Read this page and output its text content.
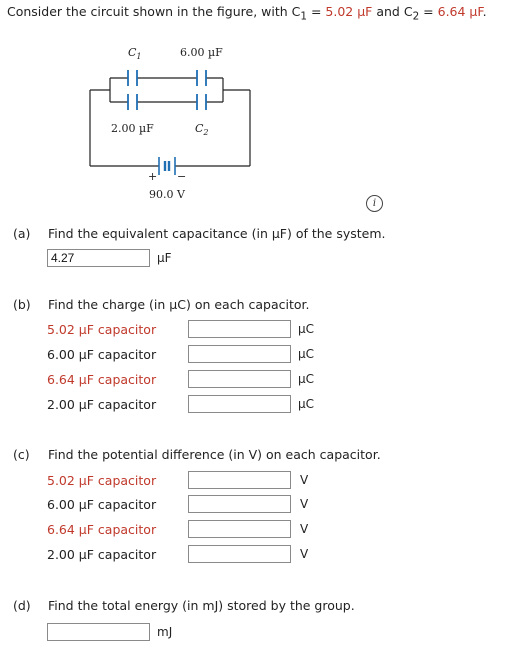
Consider the circuit shown in the figure, with $C_1 = 5.02$ µF and $C_2 = 6.64$ µF.
$C_1$	6.00 µF
2.00 µF	$C_2$
+ −
90.0 V
i
(a) Find the equivalent capacitance (in µF) of the system.
4.27
µF
(b) Find the charge (in µC) on each capacitor.
5.02 µF capacitor	µC
6.00 µF capacitor	µC
6.64 µF capacitor	µC
2.00 µF capacitor	µC
(c) Find the potential difference (in V) on each capacitor.
5.02 µF capacitor	V
6.00 µF capacitor	V
6.64 µF capacitor	V
2.00 µF capacitor	V
(d) Find the total energy (in mJ) stored by the group.
mJ
